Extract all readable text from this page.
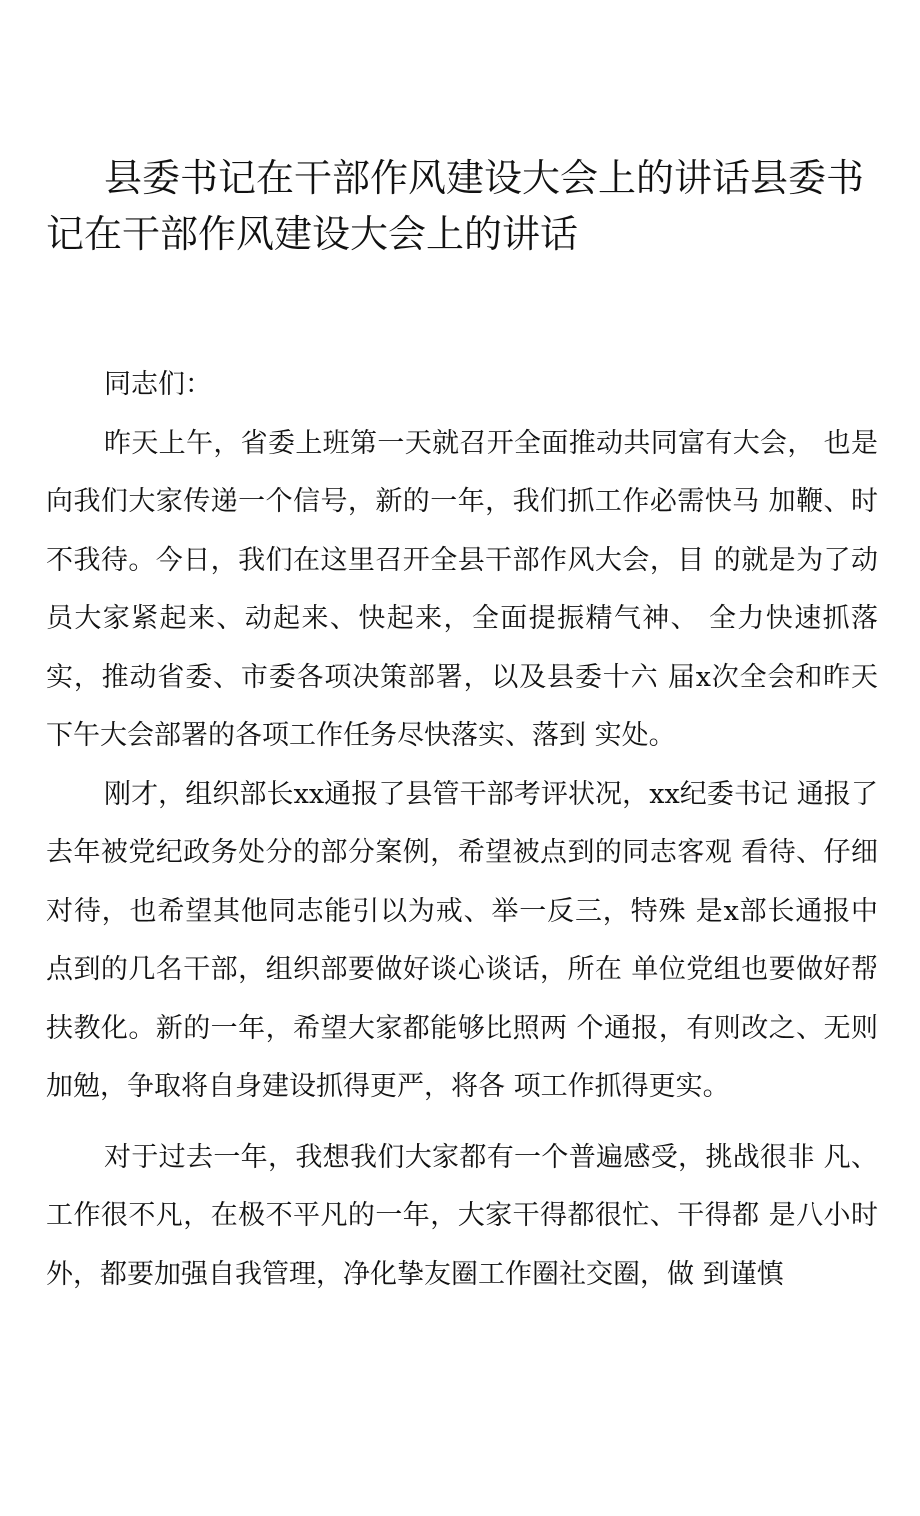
县委书记在干部作风建设大会上的讲话县委书记在干部作风建设大会上的讲话

同志们：

昨天上午，省委上班第一天就召开全面推动共同富有大会， 也是向我们大家传递一个信号，新的一年，我们抓工作必需快马 加鞭、时不我待。今日，我们在这里召开全县干部作风大会，目 的就是为了动员大家紧起来、动起来、快起来，全面提振精气神、 全力快速抓落实，推动省委、市委各项决策部署，以及县委十六 届x次全会和昨天下午大会部署的各项工作任务尽快落实、落到 实处。

刚才，组织部长xx通报了县管干部考评状况，xx纪委书记 通报了去年被党纪政务处分的部分案例，希望被点到的同志客观 看待、仔细对待，也希望其他同志能引以为戒、举一反三，特殊 是x部长通报中点到的几名干部，组织部要做好谈心谈话，所在 单位党组也要做好帮扶教化。新的一年，希望大家都能够比照两 个通报，有则改之、无则加勉，争取将自身建设抓得更严，将各 项工作抓得更实。

对于过去一年，我想我们大家都有一个普遍感受，挑战很非 凡、工作很不凡，在极不平凡的一年，大家干得都很忙、干得都 是八小时外，都要加强自我管理，净化挚友圈工作圈社交圈，做 到谨慎
